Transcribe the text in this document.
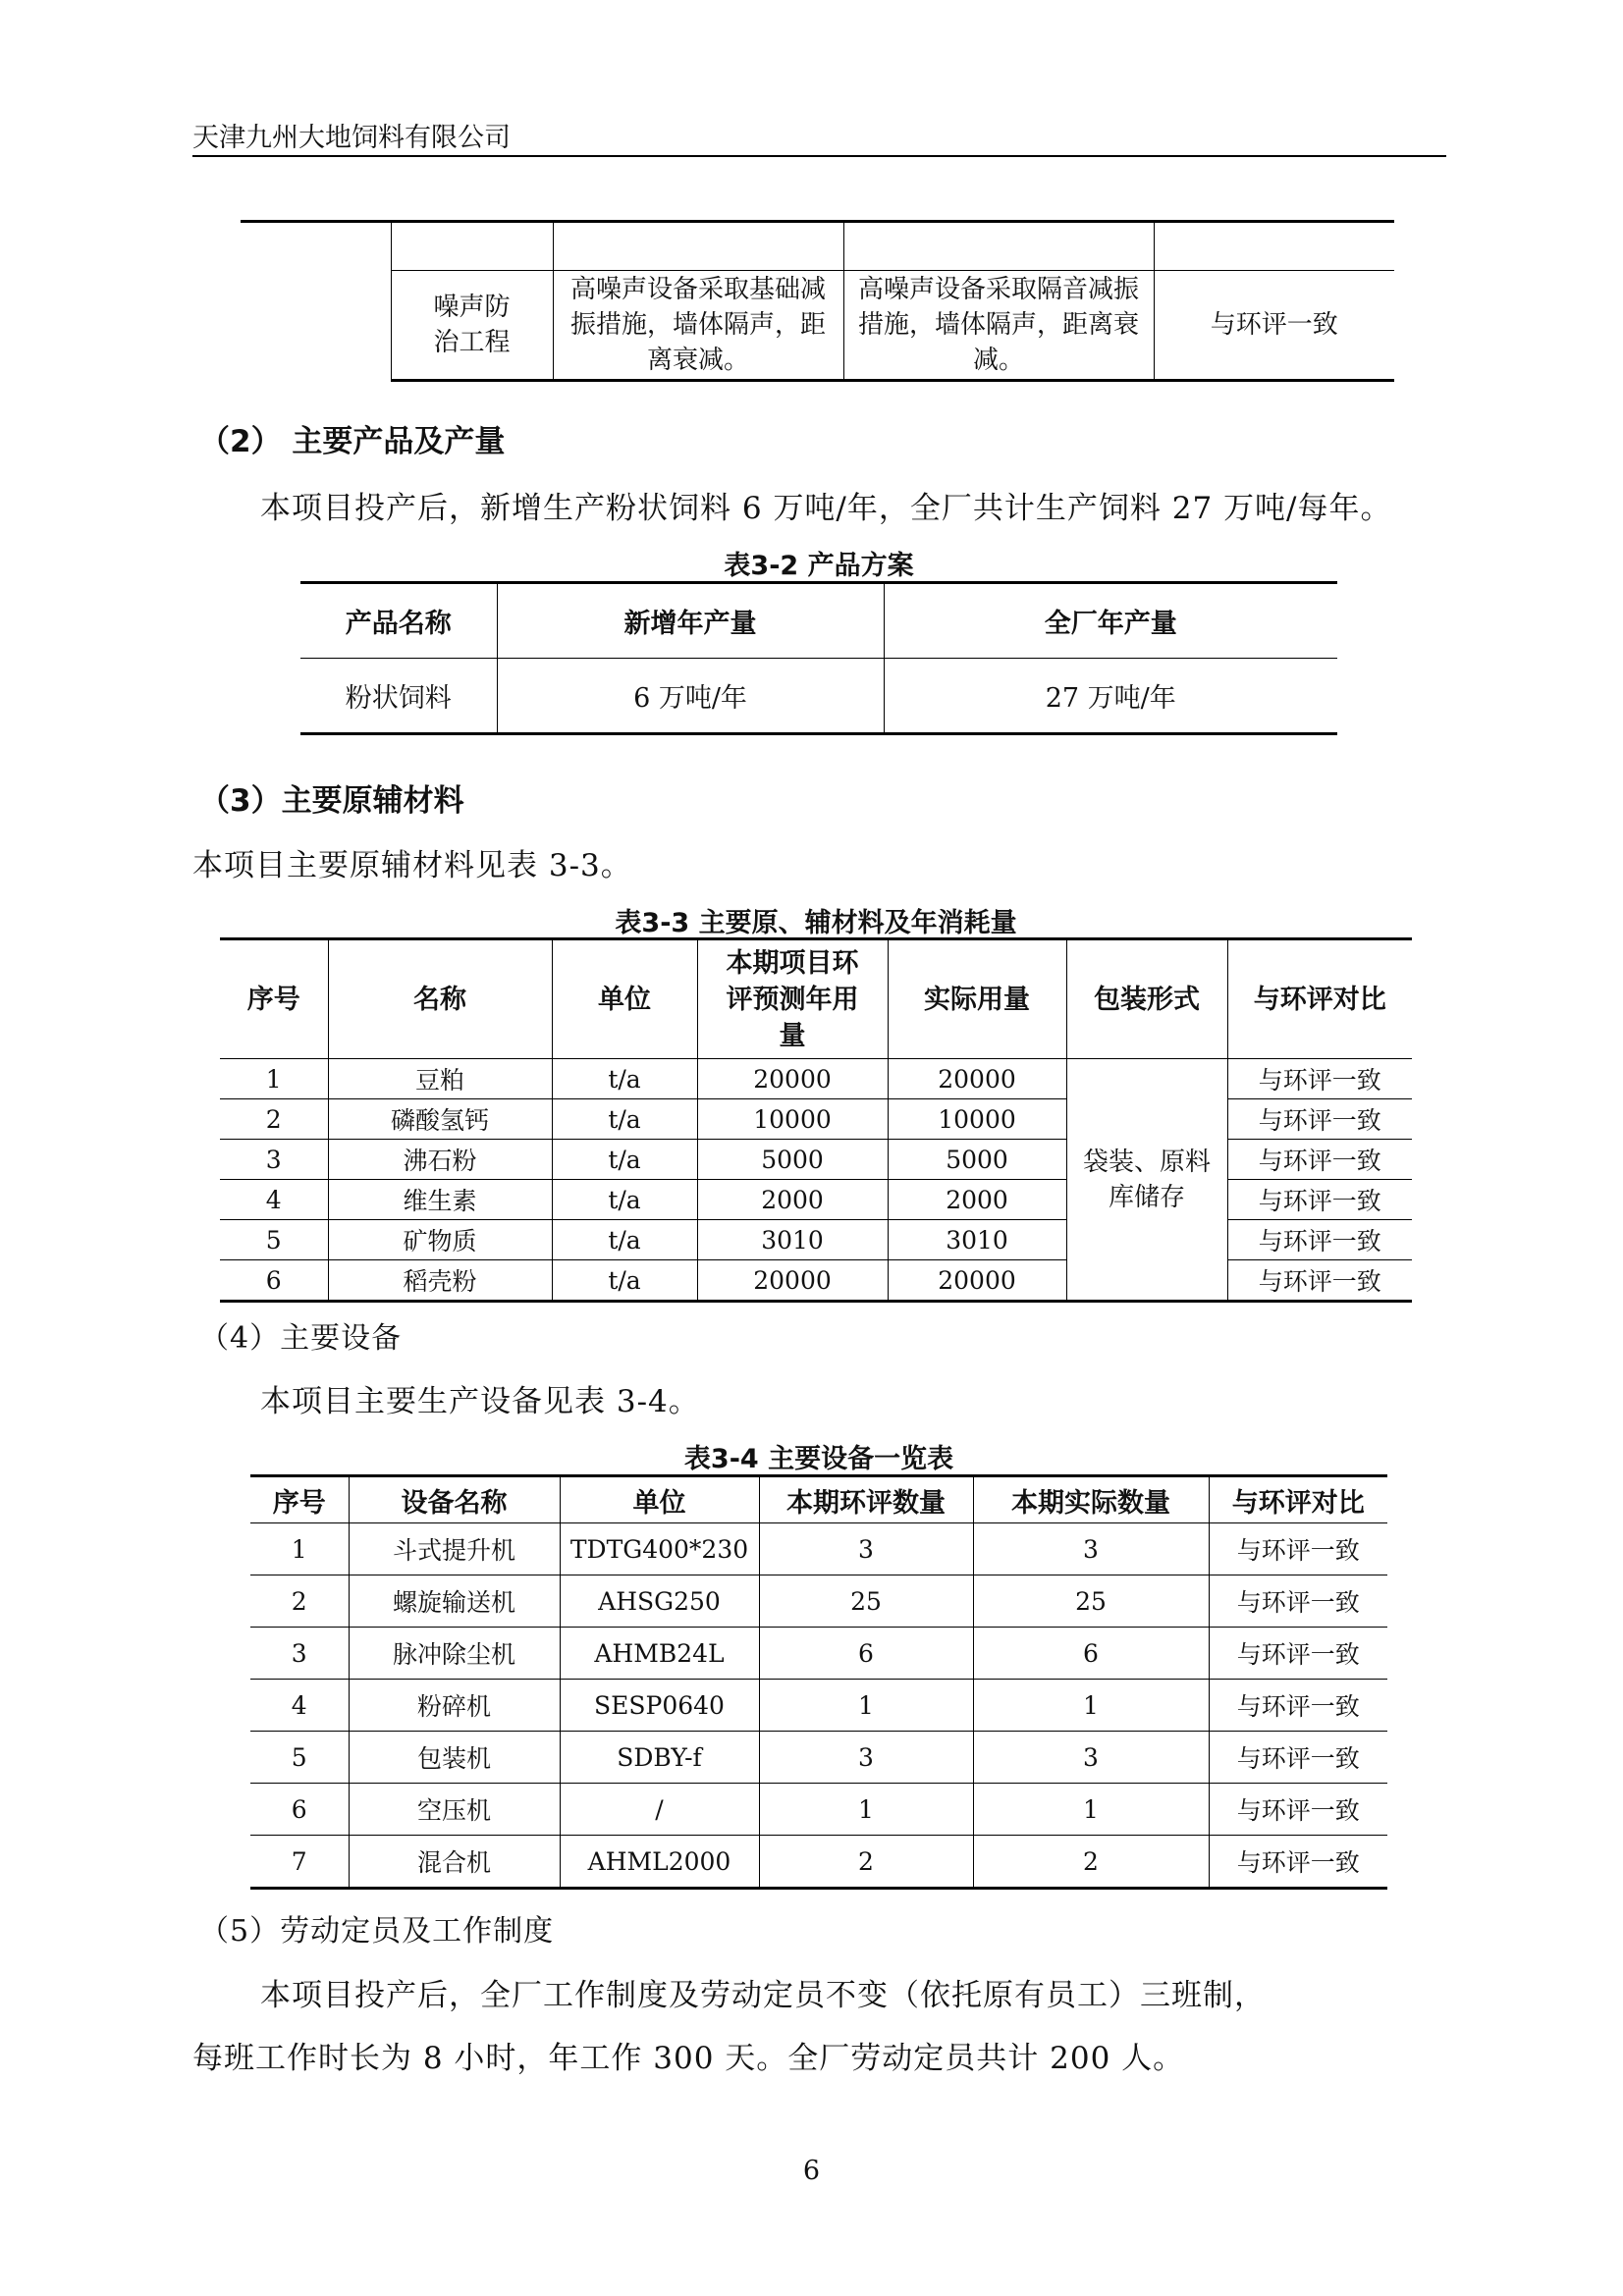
天津九州大地饲料有限公司

	噪声防治工程	高噪声设备采取基础减振措施，墙体隔声，距离衰减。	高噪声设备采取隔音减振措施，墙体隔声，距离衰减。	与环评一致
（2） 主要产品及产量
本项目投产后，新增生产粉状饲料 6 万吨/年，全厂共计生产饲料 27 万吨/每年。
表3-2 产品方案
产品名称	新增年产量	全厂年产量
粉状饲料	6 万吨/年	27 万吨/年
（3）主要原辅材料
本项目主要原辅材料见表 3-3。
表3-3 主要原、辅材料及年消耗量
序号	名称	单位	本期项目环评预测年用量	实际用量	包装形式	与环评对比
1	豆粕	t/a	20000	20000	袋装、原料库储存	与环评一致
2	磷酸氢钙	t/a	10000	10000		与环评一致
3	沸石粉	t/a	5000	5000		与环评一致
4	维生素	t/a	2000	2000		与环评一致
5	矿物质	t/a	3010	3010		与环评一致
6	稻壳粉	t/a	20000	20000		与环评一致
（4）主要设备
本项目主要生产设备见表 3-4。
表3-4 主要设备一览表
序号	设备名称	单位	本期环评数量	本期实际数量	与环评对比
1	斗式提升机	TDTG400*230	3	3	与环评一致
2	螺旋输送机	AHSG250	25	25	与环评一致
3	脉冲除尘机	AHMB24L	6	6	与环评一致
4	粉碎机	SESP0640	1	1	与环评一致
5	包装机	SDBY-f	3	3	与环评一致
6	空压机	/	1	1	与环评一致
7	混合机	AHML2000	2	2	与环评一致
（5）劳动定员及工作制度
本项目投产后，全厂工作制度及劳动定员不变（依托原有员工）三班制，
每班工作时长为 8 小时，年工作 300 天。全厂劳动定员共计 200 人。
6
